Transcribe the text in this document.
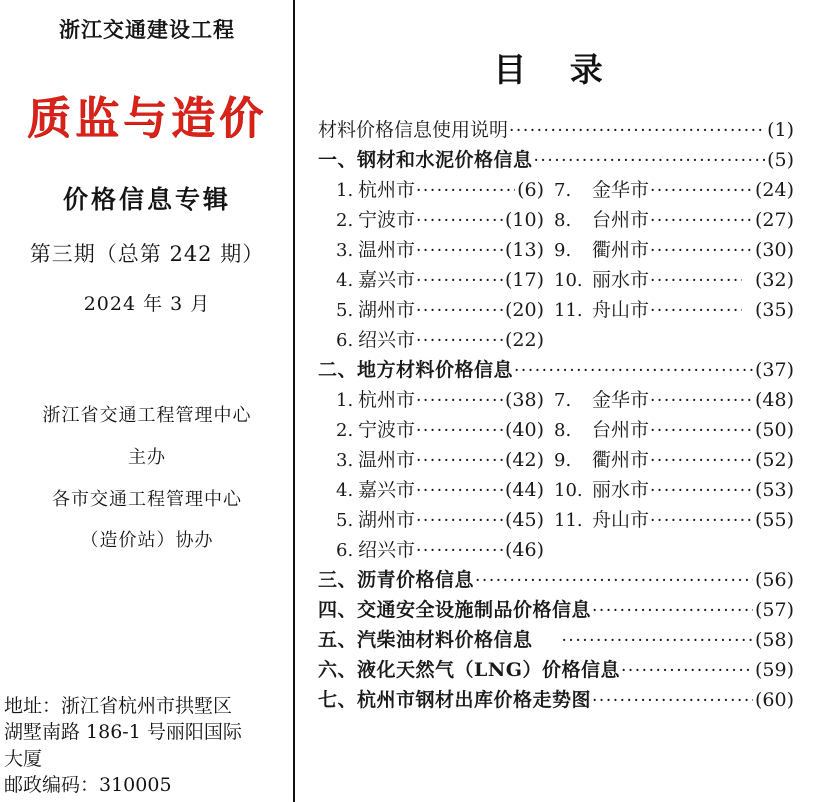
浙江交通建设工程
质监与造价
价格信息专辑
第三期（总第 242 期）
2024 年 3 月
浙江省交通工程管理中心
主办
各市交通工程管理中心
（造价站）协办
地址：浙江省杭州市拱墅区
湖墅南路 186-1 号丽阳国际
大厦
邮政编码：310005
目 录
材料价格信息使用说明 ·····	(1)
一、钢材和水泥价格信息 ·····	(5)
1. 杭州市 ·····	(6) 7.	金华市 ·····	(24)
2. 宁波市 ·····	(10) 8.	台州市 ·····	(27)
3. 温州市 ·····	(13) 9.	衢州市 ·····	(30)
4. 嘉兴市 ·····	(17) 10. 丽水市 ·····	(32)
5. 湖州市 ·····	(20) 11. 舟山市 ·····	(35)
6. 绍兴市 ·····	(22)
二、地方材料价格信息 ·····	(37)
1. 杭州市 ·····	(38) 7.	金华市 ·····	(48)
2. 宁波市 ·····	(40) 8.	台州市 ·····	(50)
3. 温州市 ·····	(42) 9.	衢州市 ·····	(52)
4. 嘉兴市 ·····	(44) 10. 丽水市 ·····	(53)
5. 湖州市 ·····	(45) 11. 舟山市 ·····	(55)
6. 绍兴市 ·····	(46)
三、沥青价格信息 ·····	(56)
四、交通安全设施制品价格信息 ·····	(57)
五、汽柴油材料价格信息 ·····	(58)
六、液化天然气（LNG）价格信息 ·····	(59)
七、杭州市钢材出库价格走势图 ·····	(60)
